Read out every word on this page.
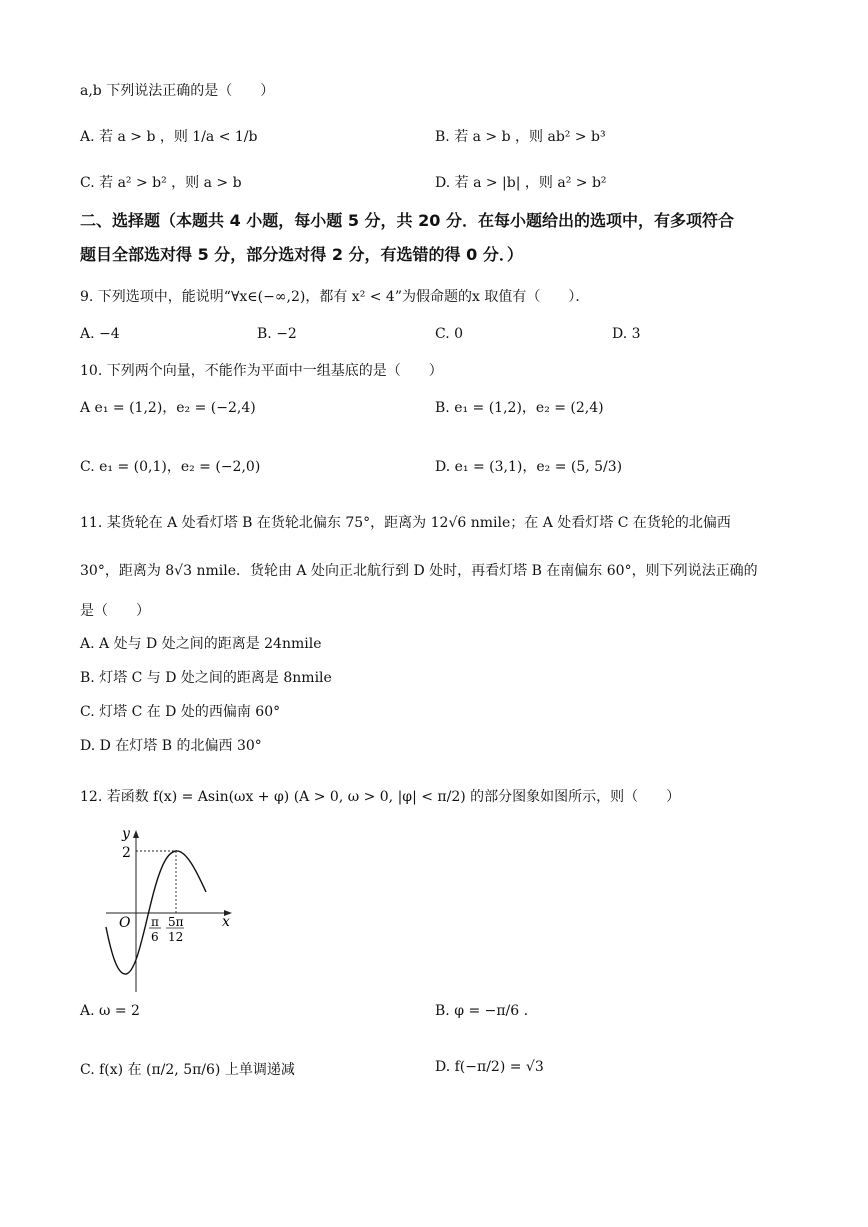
a,b 下列说法正确的是（　　）
A. 若 a > b ，则 1/a < 1/b	B. 若 a > b ，则 ab² > b³
C. 若 a² > b² ，则 a > b	D. 若 a > |b| ，则 a² > b²
二、选择题（本题共 4 小题，每小题 5 分，共 20 分．在每小题给出的选项中，有多项符合
题目全部选对得 5 分，部分选对得 2 分，有选错的得 0 分．）
9. 下列选项中，能说明“∀x∈(−∞,2)，都有 x² < 4”为假命题的x 取值有（　　）．
A. −4	B. −2	C. 0	D. 3
10. 下列两个向量，不能作为平面中一组基底的是（　　）
A e₁ = (1,2)，e₂ = (−2,4)	B. e₁ = (1,2)，e₂ = (2,4)
C. e₁ = (0,1)，e₂ = (−2,0)	D. e₁ = (3,1)，e₂ = (5, 5/3)
11. 某货轮在 A 处看灯塔 B 在货轮北偏东 75°，距离为 12√6 nmile；在 A 处看灯塔 C 在货轮的北偏西
30°，距离为 8√3 nmile．货轮由 A 处向正北航行到 D 处时，再看灯塔 B 在南偏东 60°，则下列说法正确的
是（　　）
A. A 处与 D 处之间的距离是 24nmile
B. 灯塔 C 与 D 处之间的距离是 8nmile
C. 灯塔 C 在 D 处的西偏南 60°
D. D 在灯塔 B 的北偏西 30°
12. 若函数 f(x) = Asin(ωx + φ) (A > 0, ω > 0, |φ| < π/2) 的部分图象如图所示，则（　　）
y
x
O
2
π
6
5π
12
A. ω = 2	B. φ = −π/6 .
C. f(x) 在 (π/2, 5π/6) 上单调递减	D. f(−π/2) = √3
